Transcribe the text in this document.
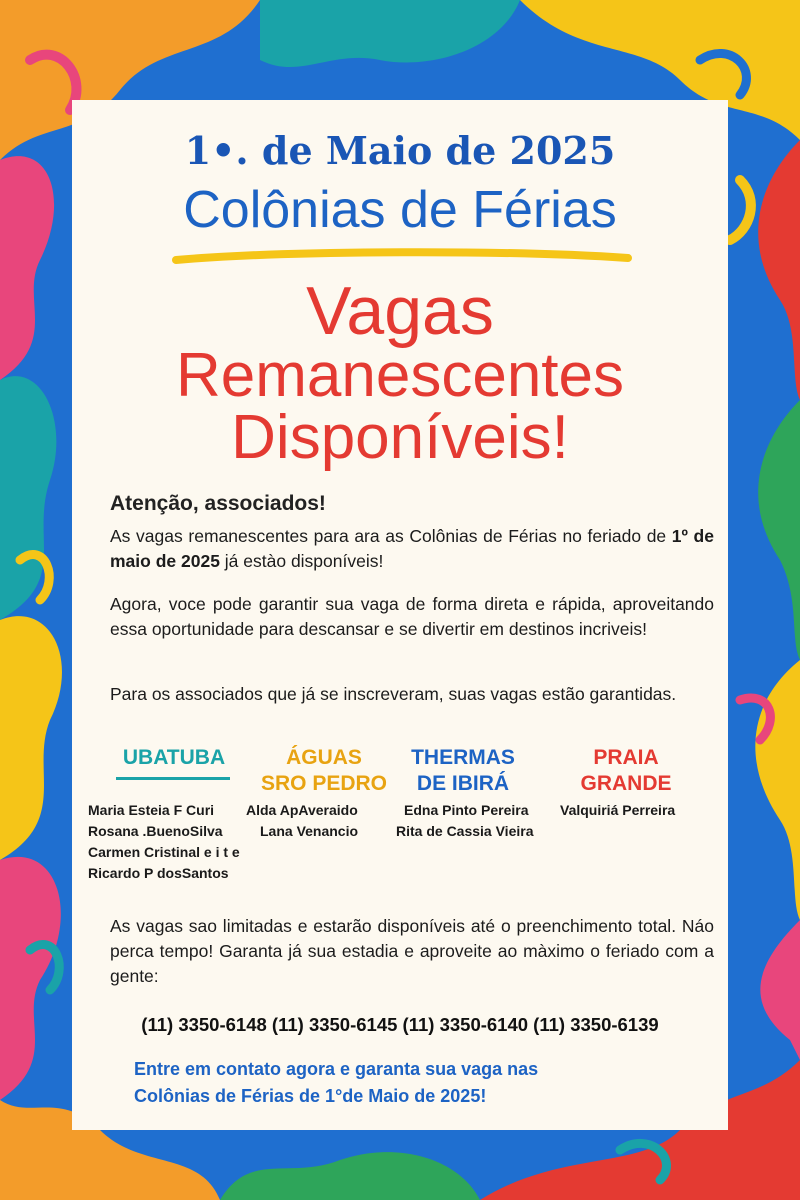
1•. de Maio de 2025
Colônias de Férias
Vagas
Remanescentes
Disponíveis!
Atenção, associados!
As vagas remanescentes para ara as Colônias de Férias no feriado de 1º de maio de 2025 já estào disponíveis!
Agora, voce pode garantir sua vaga de forma direta e rápida, aproveitando essa oportunidade para descansar e se divertir em destinos incriveis!
Para os associados que já se inscreveram, suas vagas estão garantidas.
UBATUBA	ÁGUAS
SRO PEDRO
THERMAS
DE IBIRÁ
PRAIA
GRANDE
Maria Esteia F Curi
Rosana .BuenoSilva
Carmen Cristinal e i t e
Ricardo P dosSantos
Alda ApAveraido
Lana Venancio
Edna Pinto Pereira
Rita de Cassia Vieira
Valquiriá Perreira
As vagas sao limitadas e estarão disponíveis até o preenchimento total. Náo perca tempo! Garanta já sua estadia e aproveite ao màximo o feriado com a gente:
(11) 3350-6148 (11) 3350-6145 (11) 3350-6140 (11) 3350-6139
Entre em contato agora e garanta sua vaga nas
Colônias de Férias de 1°de Maio de 2025!
